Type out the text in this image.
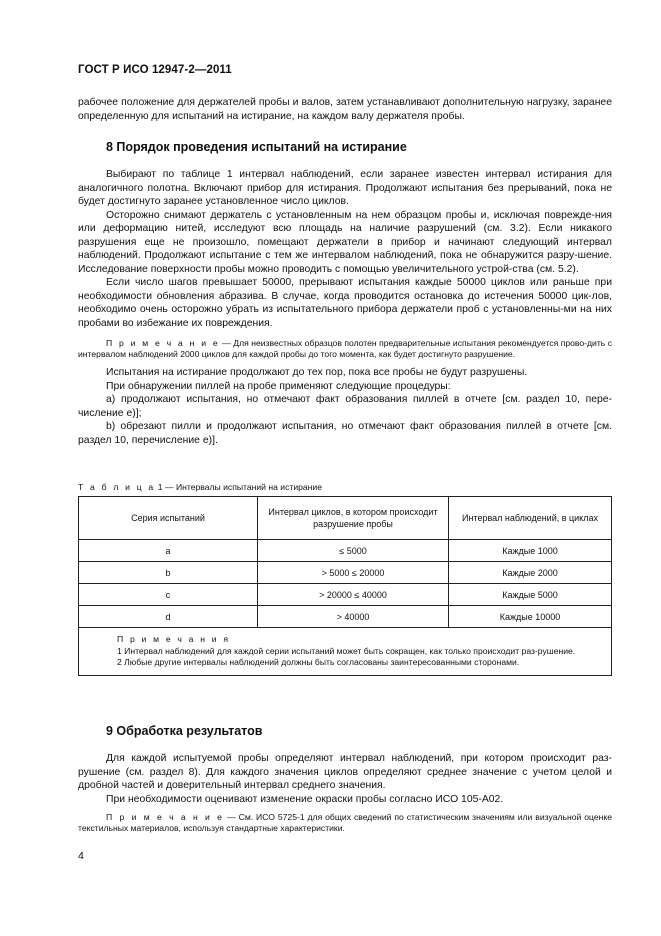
ГОСТ Р ИСО 12947-2—2011

рабочее положение для держателей пробы и валов, затем устанавливают дополнительную нагрузку, заранее определенную для испытаний на истирание, на каждом валу держателя пробы.

8 Порядок проведения испытаний на истирание

Выбирают по таблице 1 интервал наблюдений, если заранее известен интервал истирания для аналогичного полотна. Включают прибор для истирания. Продолжают испытания без прерываний, пока не будет достигнуто заранее установленное число циклов.

Осторожно снимают держатель с установленным на нем образцом пробы и, исключая поврежде-ния или деформацию нитей, исследуют всю площадь на наличие разрушений (см. 3.2). Если никакого разрушения еще не произошло, помещают держатели в прибор и начинают следующий интервал наблюдений. Продолжают испытание с тем же интервалом наблюдений, пока не обнаружится разру-шение. Исследование поверхности пробы можно проводить с помощью увеличительного устрой-ства (см. 5.2).

Если число шагов превышает 50000, прерывают испытания каждые 50000 циклов или раньше при необходимости обновления абразива. В случае, когда проводится остановка до истечения 50000 цик-лов, необходимо очень осторожно убрать из испытательного прибора держатели проб с установленны-ми на них пробами во избежание их повреждения.

П р и м е ч а н и е — Для неизвестных образцов полотен предварительные испытания рекомендуется прово-дить с интервалом наблюдений 2000 циклов для каждой пробы до того момента, как будет достигнуто разрушение.

Испытания на истирание продолжают до тех пор, пока все пробы не будут разрушены.

При обнаружении пиллей на пробе применяют следующие процедуры:

a) продолжают испытания, но отмечают факт образования пиллей в отчете [см. раздел 10, пере-числение е)];

b) обрезают пилли и продолжают испытания, но отмечают факт образования пиллей в отчете [см. раздел 10, перечисление е)].

Т а б л и ц а 1 — Интервалы испытаний на истирание
Серия испытаний	Интервал циклов, в котором происходит разрушение пробы	Интервал наблюдений, в циклах
a	≤ 5000	Каждые 1000
b	> 5000 ≤ 20000	Каждые 2000
c	> 20000 ≤ 40000	Каждые 5000
d	> 40000	Каждые 10000

П р и м е ч а н и я
1 Интервал наблюдений для каждой серии испытаний может быть сокращен, как только происходит раз-рушение.
2 Любые другие интервалы наблюдений должны быть согласованы заинтересованными сторонами.		
9 Обработка результатов

Для каждой испытуемой пробы определяют интервал наблюдений, при котором происходит раз-рушение (см. раздел 8). Для каждого значения циклов определяют среднее значение с учетом целой и дробной частей и доверительный интервал среднего значения.

При необходимости оценивают изменение окраски пробы согласно ИСО 105-A02.

П р и м е ч а н и е — См. ИСО 5725-1 для общих сведений по статистическим значениям или визуальной оценке текстильных материалов, используя стандартные характеристики.

4
